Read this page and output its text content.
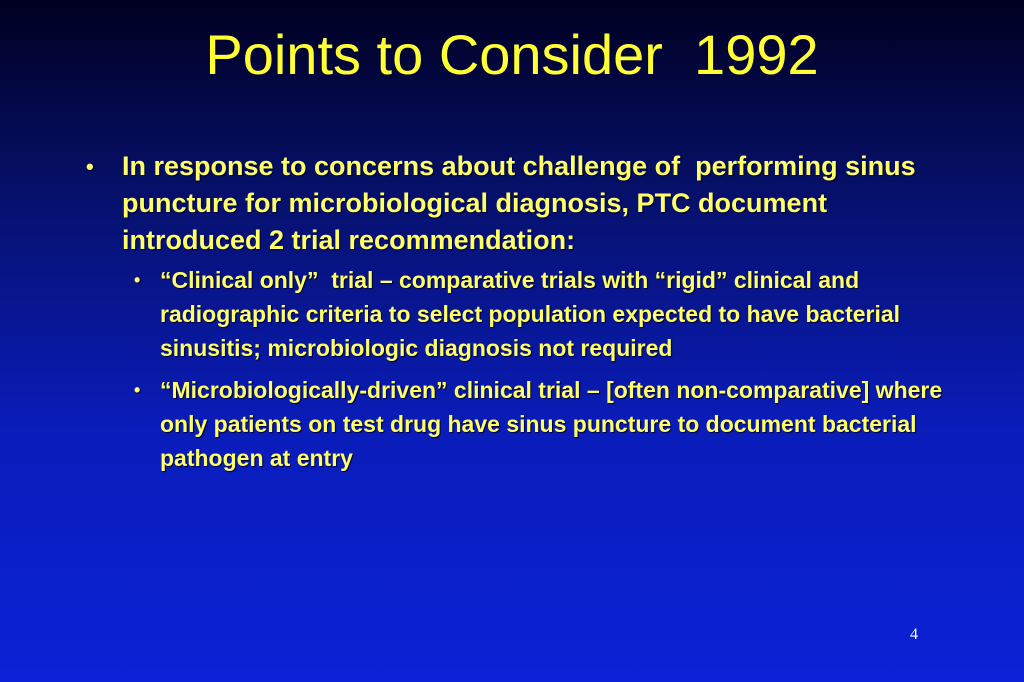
Points to Consider  1992
•	In response to concerns about challenge of  performing sinus puncture for microbiological diagnosis, PTC document introduced 2 trial recommendation:
• “Clinical only”  trial – comparative trials with “rigid” clinical and radiographic criteria to select population expected to have bacterial sinusitis; microbiologic diagnosis not required
• “Microbiologically-driven” clinical trial – [often non-comparative] where only patients on test drug have sinus puncture to document bacterial pathogen at entry
4
